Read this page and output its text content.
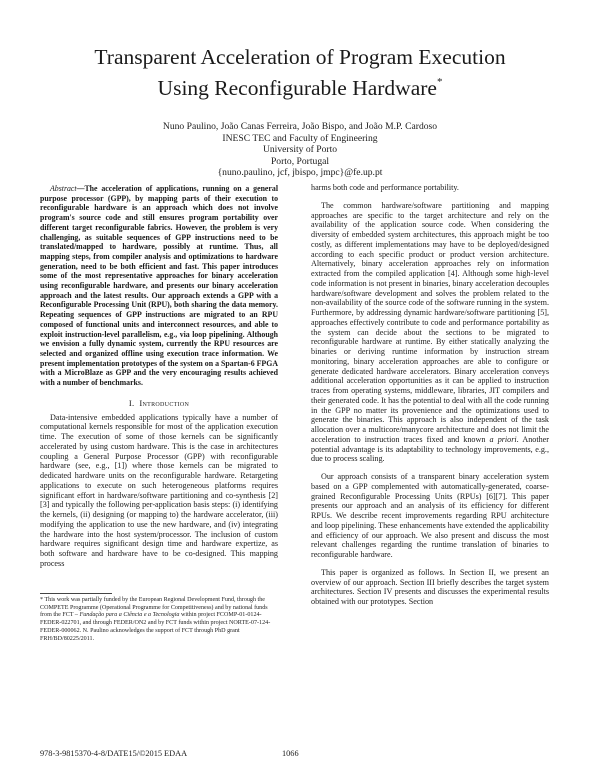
Transparent Acceleration of Program Execution
Using Reconfigurable Hardware*
Nuno Paulino, João Canas Ferreira, João Bispo, and João M.P. Cardoso
INESC TEC and Faculty of Engineering
University of Porto
Porto, Portugal
{nuno.paulino, jcf, jbispo, jmpc}@fe.up.pt
Abstract—The acceleration of applications, running on a general purpose processor (GPP), by mapping parts of their execution to reconfigurable hardware is an approach which does not involve program's source code and still ensures program portability over different target reconfigurable fabrics. However, the problem is very challenging, as suitable sequences of GPP instructions need to be translated/mapped to hardware, possibly at runtime. Thus, all mapping steps, from compiler analysis and optimizations to hardware generation, need to be both efficient and fast. This paper introduces some of the most representative approaches for binary acceleration using reconfigurable hardware, and presents our binary acceleration approach and the latest results. Our approach extends a GPP with a Reconfigurable Processing Unit (RPU), both sharing the data memory. Repeating sequences of GPP instructions are migrated to an RPU composed of functional units and interconnect resources, and able to exploit instruction-level parallelism, e.g., via loop pipelining. Although we envision a fully dynamic system, currently the RPU resources are selected and organized offline using execution trace information. We present implementation prototypes of the system on a Spartan-6 FPGA with a MicroBlaze as GPP and the very encouraging results achieved with a number of benchmarks.
I. Introduction

Data-intensive embedded applications typically have a number of computational kernels responsible for most of the application execution time. The execution of some of those kernels can be significantly accelerated by using custom hardware. This is the case in architectures coupling a General Purpose Processor (GPP) with reconfigurable hardware (see, e.g., [1]) where those kernels can be migrated to dedicated hardware units on the reconfigurable hardware. Retargeting applications to execute on such heterogeneous platforms requires significant effort in hardware/software partitioning and co-synthesis [2][3] and typically the following per-application basis steps: (i) identifying the kernels, (ii) designing (or mapping to) the hardware accelerator, (iii) modifying the application to use the new hardware, and (iv) integrating the hardware into the host system/processor. The inclusion of custom hardware requires significant design time and hardware expertize, as both software and hardware have to be co-designed. This mapping process

harms both code and performance portability.

The common hardware/software partitioning and mapping approaches are specific to the target architecture and rely on the availability of the application source code. When considering the diversity of embedded system architectures, this approach might be too costly, as different implementations may have to be deployed/designed according to each specific product or product version architecture. Alternatively, binary acceleration approaches rely on information extracted from the compiled application [4]. Although some high-level code information is not present in binaries, binary acceleration decouples hardware/software development and solves the problem related to the non-availability of the source code of the software running in the system. Furthermore, by addressing dynamic hardware/software partitioning [5], approaches effectively contribute to code and performance portability as the system can decide about the sections to be migrated to reconfigurable hardware at runtime. By either statically analyzing the binaries or deriving runtime information by instruction stream monitoring, binary acceleration approaches are able to configure or generate dedicated hardware accelerators. Binary acceleration conveys additional acceleration opportunities as it can be applied to instruction traces from operating systems, middleware, libraries, JIT compilers and their generated code. It has the potential to deal with all the code running in the GPP no matter its provenience and the optimizations used to generate the binaries. This approach is also independent of the task allocation over a multicore/manycore architecture and does not limit the acceleration to instruction traces fixed and known a priori. Another potential advantage is its adaptability to technology improvements, e.g., due to process scaling.

Our approach consists of a transparent binary acceleration system based on a GPP complemented with automatically-generated, coarse-grained Reconfigurable Processing Units (RPUs) [6][7]. This paper presents our approach and an analysis of its efficiency for different RPUs. We describe recent improvements regarding RPU architecture and loop pipelining. These enhancements have extended the applicability and efficiency of our approach. We also present and discuss the most relevant challenges regarding the runtime translation of binaries to reconfigurable hardware.

This paper is organized as follows. In Section II, we present an overview of our approach. Section III briefly describes the target system architectures. Section IV presents and discusses the experimental results obtained with our prototypes. Section

* This work was partially funded by the European Regional Development Fund, through the COMPETE Programme (Operational Programme for Competitiveness) and by national funds from the FCT – Fundação para a Ciência e a Tecnologia within project FCOMP-01-0124-FEDER-022701, and through FEDER/ON2 and by FCT funds within project NORTE-07-124-FEDER-000062. N. Paulino acknowledges the support of FCT through PhD grant FRH/BD/80225/2011.
978-3-9815370-4-8/DATE15/©2015 EDAA	1066
